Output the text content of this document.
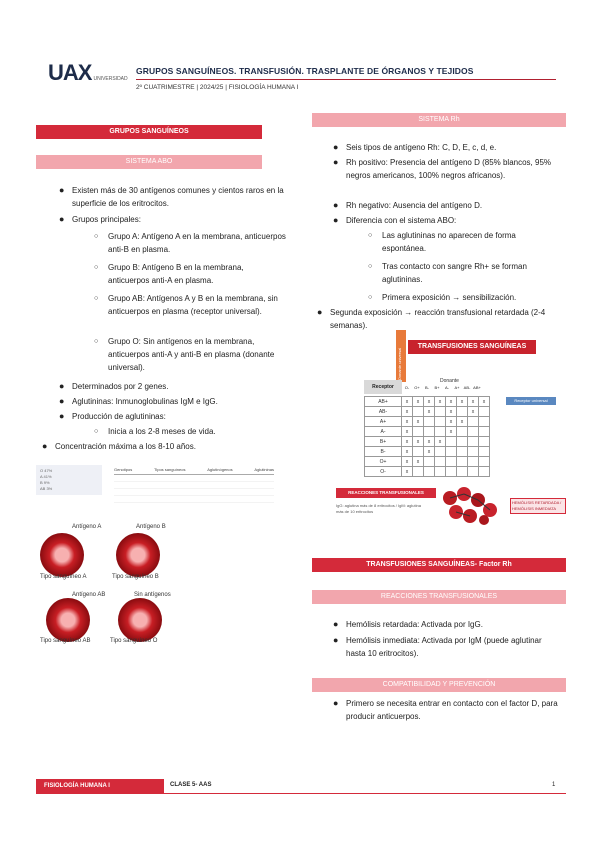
UAX UNIVERSIDAD
GRUPOS SANGUÍNEOS. TRANSFUSIÓN. TRASPLANTE DE ÓRGANOS Y TEJIDOS
2º CUATRIMESTRE | 2024/25 | FISIOLOGÍA HUMANA I
GRUPOS SANGUÍNEOS
SISTEMA ABO
● Existen más de 30 antígenos comunes y cientos raros en la superficie de los eritrocitos.
● Grupos principales:
○ Grupo A: Antígeno A en la membrana, anticuerpos anti-B en plasma.
○ Grupo B: Antígeno B en la membrana, anticuerpos anti-A en plasma.
○ Grupo AB: Antígenos A y B en la membrana, sin anticuerpos en plasma (receptor universal).
○ Grupo O: Sin antígenos en la membrana, anticuerpos anti-A y anti-B en plasma (donante universal).
● Determinados por 2 genes.
● Aglutininas: Inmunoglobulinas IgM e IgG.
● Producción de aglutininas:
○ Inicia a los 2-8 meses de vida.
● Concentración máxima a los 8-10 años.
O 47%
A 41%
B 9%
AB 3%
Genotipos	Tipos sanguíneos	Aglutinógenos	Aglutininas
Antígeno A	Antígeno B
Tipo sanguíneo A	Tipo sanguíneo B
Antígeno AB	Sin antígenos
Tipo sanguíneo AB	Tipo sanguíneo O
SISTEMA Rh
● Seis tipos de antígeno Rh: C, D, E, c, d, e.
● Rh positivo: Presencia del antígeno D (85% blancos, 95% negros americanos, 100% negros africanos).
● Rh negativo: Ausencia del antígeno D.
● Diferencia con el sistema ABO:
○ Las aglutininas no aparecen de forma espontánea.
○ Tras contacto con sangre Rh+ se forman aglutininas.
○ Primera exposición → sensibilización.
● Segunda exposición → reacción transfusional retardada (2-4 semanas).
Donante universal
TRANSFUSIONES SANGUÍNEAS
Receptor
Donante
O-	O+	B-	B+	A-	A+	AB- AB+
AB+	x	x	x	x	x	x	x	x
AB-	x		x		x		x	
A+	x	x			x	x		
A-	x				x			
B+	x	x	x	x				
B-	x		x					
O+	x	x						
O-	x							
Receptor universal
REACCIONES TRANSFUSIONALES
IgG: aglutina más de 8 eritrocitos / IgM: aglutina más de 10 eritrocitos
HEMÓLISIS RETARDADA / HEMÓLISIS INMEDIATA
TRANSFUSIONES SANGUÍNEAS- Factor Rh
REACCIONES TRANSFUSIONALES
● Hemólisis retardada: Activada por IgG.
● Hemólisis inmediata: Activada por IgM (puede aglutinar hasta 10 eritrocitos).
COMPATIBILIDAD Y PREVENCIÓN
● Primero se necesita entrar en contacto con el factor D, para producir anticuerpos.
FISIOLOGÍA HUMANA I	CLASE 5- AAS	1
